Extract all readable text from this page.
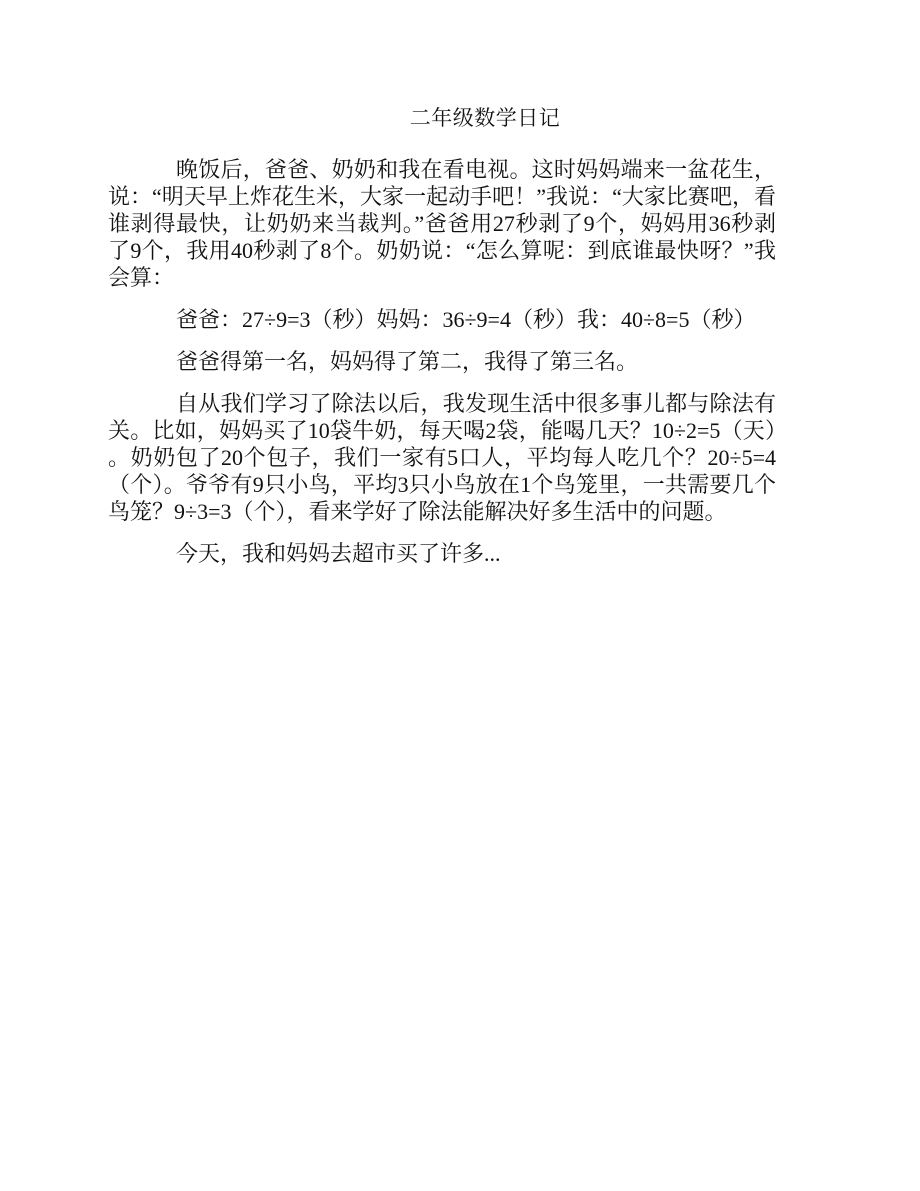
二年级数学日记

晚饭后，爸爸、奶奶和我在看电视。这时妈妈端来一盆花生，说：“明天早上炸花生米，大家一起动手吧！”我说：“大家比赛吧，看谁剥得最快，让奶奶来当裁判。”爸爸用27秒剥了9个，妈妈用36秒剥了9个，我用40秒剥了8个。奶奶说：“怎么算呢：到底谁最快呀？”我会算：

爸爸：27÷9=3（秒）妈妈：36÷9=4（秒）我：40÷8=5（秒）

爸爸得第一名，妈妈得了第二，我得了第三名。

自从我们学习了除法以后，我发现生活中很多事儿都与除法有关。比如，妈妈买了10袋牛奶，每天喝2袋，能喝几天？10÷2=5（天）。奶奶包了20个包子，我们一家有5口人，平均每人吃几个？20÷5=4（个）。爷爷有9只小鸟，平均3只小鸟放在1个鸟笼里，一共需要几个鸟笼？9÷3=3（个），看来学好了除法能解决好多生活中的问题。

今天，我和妈妈去超市买了许多...
